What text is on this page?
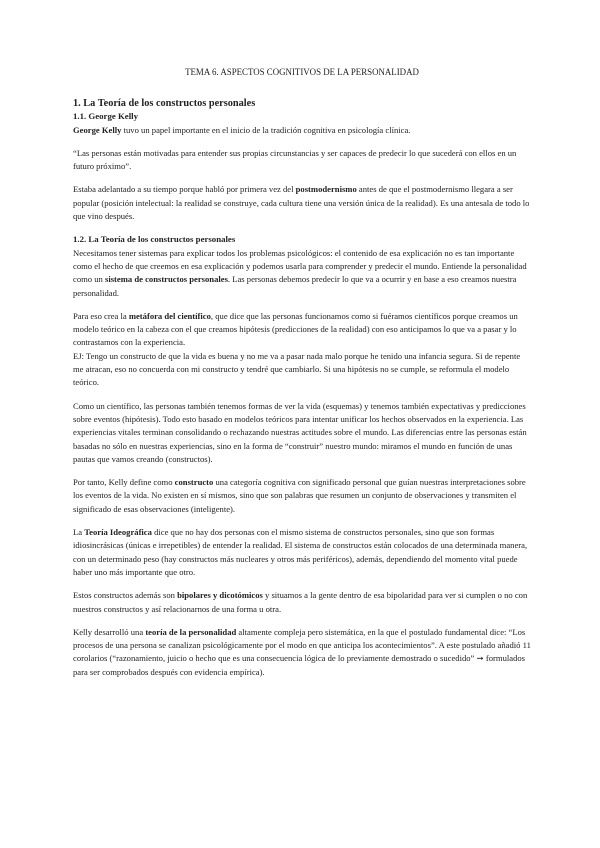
TEMA 6. ASPECTOS COGNITIVOS DE LA PERSONALIDAD
1. La Teoría de los constructos personales
1.1. George Kelly

George Kelly tuvo un papel importante en el inicio de la tradición cognitiva en psicología clínica.

“Las personas están motivadas para entender sus propias circunstancias y ser capaces de predecir lo que sucederá con ellos en un futuro próximo”.

Estaba adelantado a su tiempo porque habló por primera vez del postmodernismo antes de que el postmodernismo llegara a ser popular (posición intelectual: la realidad se construye, cada cultura tiene una versión única de la realidad). Es una antesala de todo lo que vino después.

1.2. La Teoría de los constructos personales

Necesitamos tener sistemas para explicar todos los problemas psicológicos: el contenido de esa explicación no es tan importante como el hecho de que creemos en esa explicación y podemos usarla para comprender y predecir el mundo. Entiende la personalidad como un sistema de constructos personales. Las personas debemos predecir lo que va a ocurrir y en base a eso creamos nuestra personalidad.

Para eso crea la metáfora del científico, que dice que las personas funcionamos como si fuéramos científicos porque creamos un modelo teórico en la cabeza con el que creamos hipótesis (predicciones de la realidad) con eso anticipamos lo que va a pasar y lo contrastamos con la experiencia.

EJ: Tengo un constructo de que la vida es buena y no me va a pasar nada malo porque he tenido una infancia segura. Si de repente me atracan, eso no concuerda con mi constructo y tendré que cambiarlo. Si una hipótesis no se cumple, se reformula el modelo teórico.

Como un científico, las personas también tenemos formas de ver la vida (esquemas) y tenemos también expectativas y predicciones sobre eventos (hipótesis). Todo esto basado en modelos teóricos para intentar unificar los hechos observados en la experiencia. Las experiencias vitales terminan consolidando o rechazando nuestras actitudes sobre el mundo. Las diferencias entre las personas están basadas no sólo en nuestras experiencias, sino en la forma de “construir” nuestro mundo: miramos el mundo en función de unas pautas que vamos creando (constructos).

Por tanto, Kelly define como constructo una categoría cognitiva con significado personal que guían nuestras interpretaciones sobre los eventos de la vida. No existen en sí mismos, sino que son palabras que resumen un conjunto de observaciones y transmiten el significado de esas observaciones (inteligente).

La Teoría Ideográfica dice que no hay dos personas con el mismo sistema de constructos personales, sino que son formas idiosincrásicas (únicas e irrepetibles) de entender la realidad. El sistema de constructos están colocados de una determinada manera, con un determinado peso (hay constructos más nucleares y otros más periféricos), además, dependiendo del momento vital puede haber uno más importante que otro.

Estos constructos además son bipolares y dicotómicos y situamos a la gente dentro de esa bipolaridad para ver si cumplen o no con nuestros constructos y así relacionarnos de una forma u otra.

Kelly desarrolló una teoría de la personalidad altamente compleja pero sistemática, en la que el postulado fundamental dice: “Los procesos de una persona se canalizan psicológicamente por el modo en que anticipa los acontecimientos”. A este postulado añadió 11 corolarios (“razonamiento, juicio o hecho que es una consecuencia lógica de lo previamente demostrado o sucedido” ➞ formulados para ser comprobados después con evidencia empírica).
